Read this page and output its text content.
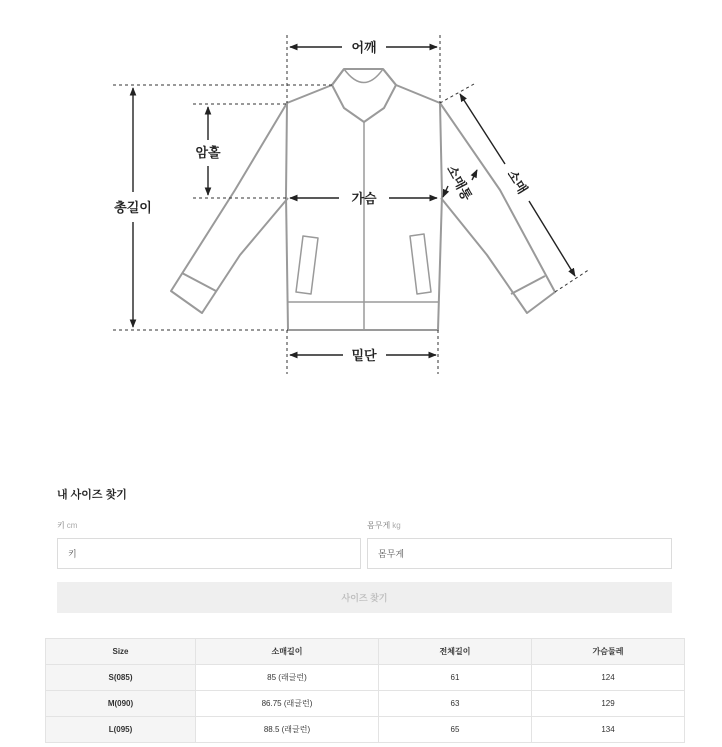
어깨
밑단
가슴
총길이
암홀
소매
소매통

내 사이즈 찾기

키 cm	몸무게 kg
키
몸무게
사이즈 찾기
Size	소매길이	전체길이	가슴둘레
S(085)	85 (래글런)	61	124
M(090)	86.75 (래글런)	63	129
L(095)	88.5 (래글런)	65	134
